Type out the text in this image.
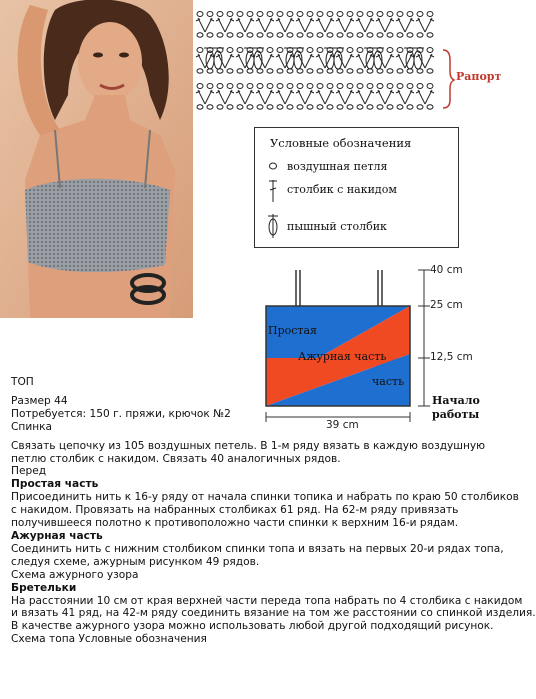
Рапорт
Условные обозначения
воздушная петля
столбик с накидом
пышный столбик
Простая
Ажурная часть
часть
40 cm
25 cm
12,5 cm
Начало
работы
39 cm
ТОП
Размер 44
Потребуется: 150 г. пряжи, крючок №2
Спинка
Связать цепочку из 105 воздушных петель. В 1-м ряду вязать в каждую воздушную
петлю столбик с накидом. Связать 40 аналогичных рядов.
Перед
Простая часть
Присоединить нить к 16-у ряду от начала спинки топика и набрать по краю 50 столбиков
с накидом. Провязать на набранных столбиках 61 ряд. На 62-м ряду привязать
получившееся полотно к противоположно части спинки к верхним 16-и рядам.
Ажурная часть
Соединить нить с нижним столбиком спинки топа и вязать на первых 20-и рядах топа,
следуя схеме, ажурным рисунком 49 рядов.
Схема ажурного узора
Бретельки
На расстоянии 10 см от края верхней части переда топа набрать по 4 столбика с накидом
и вязать 41 ряд, на 42-м ряду соединить вязание на том же расстоянии со спинкой изделия.
В качестве ажурного узора можно использовать любой другой подходящий рисунок.
Схема топа Условные обозначения
